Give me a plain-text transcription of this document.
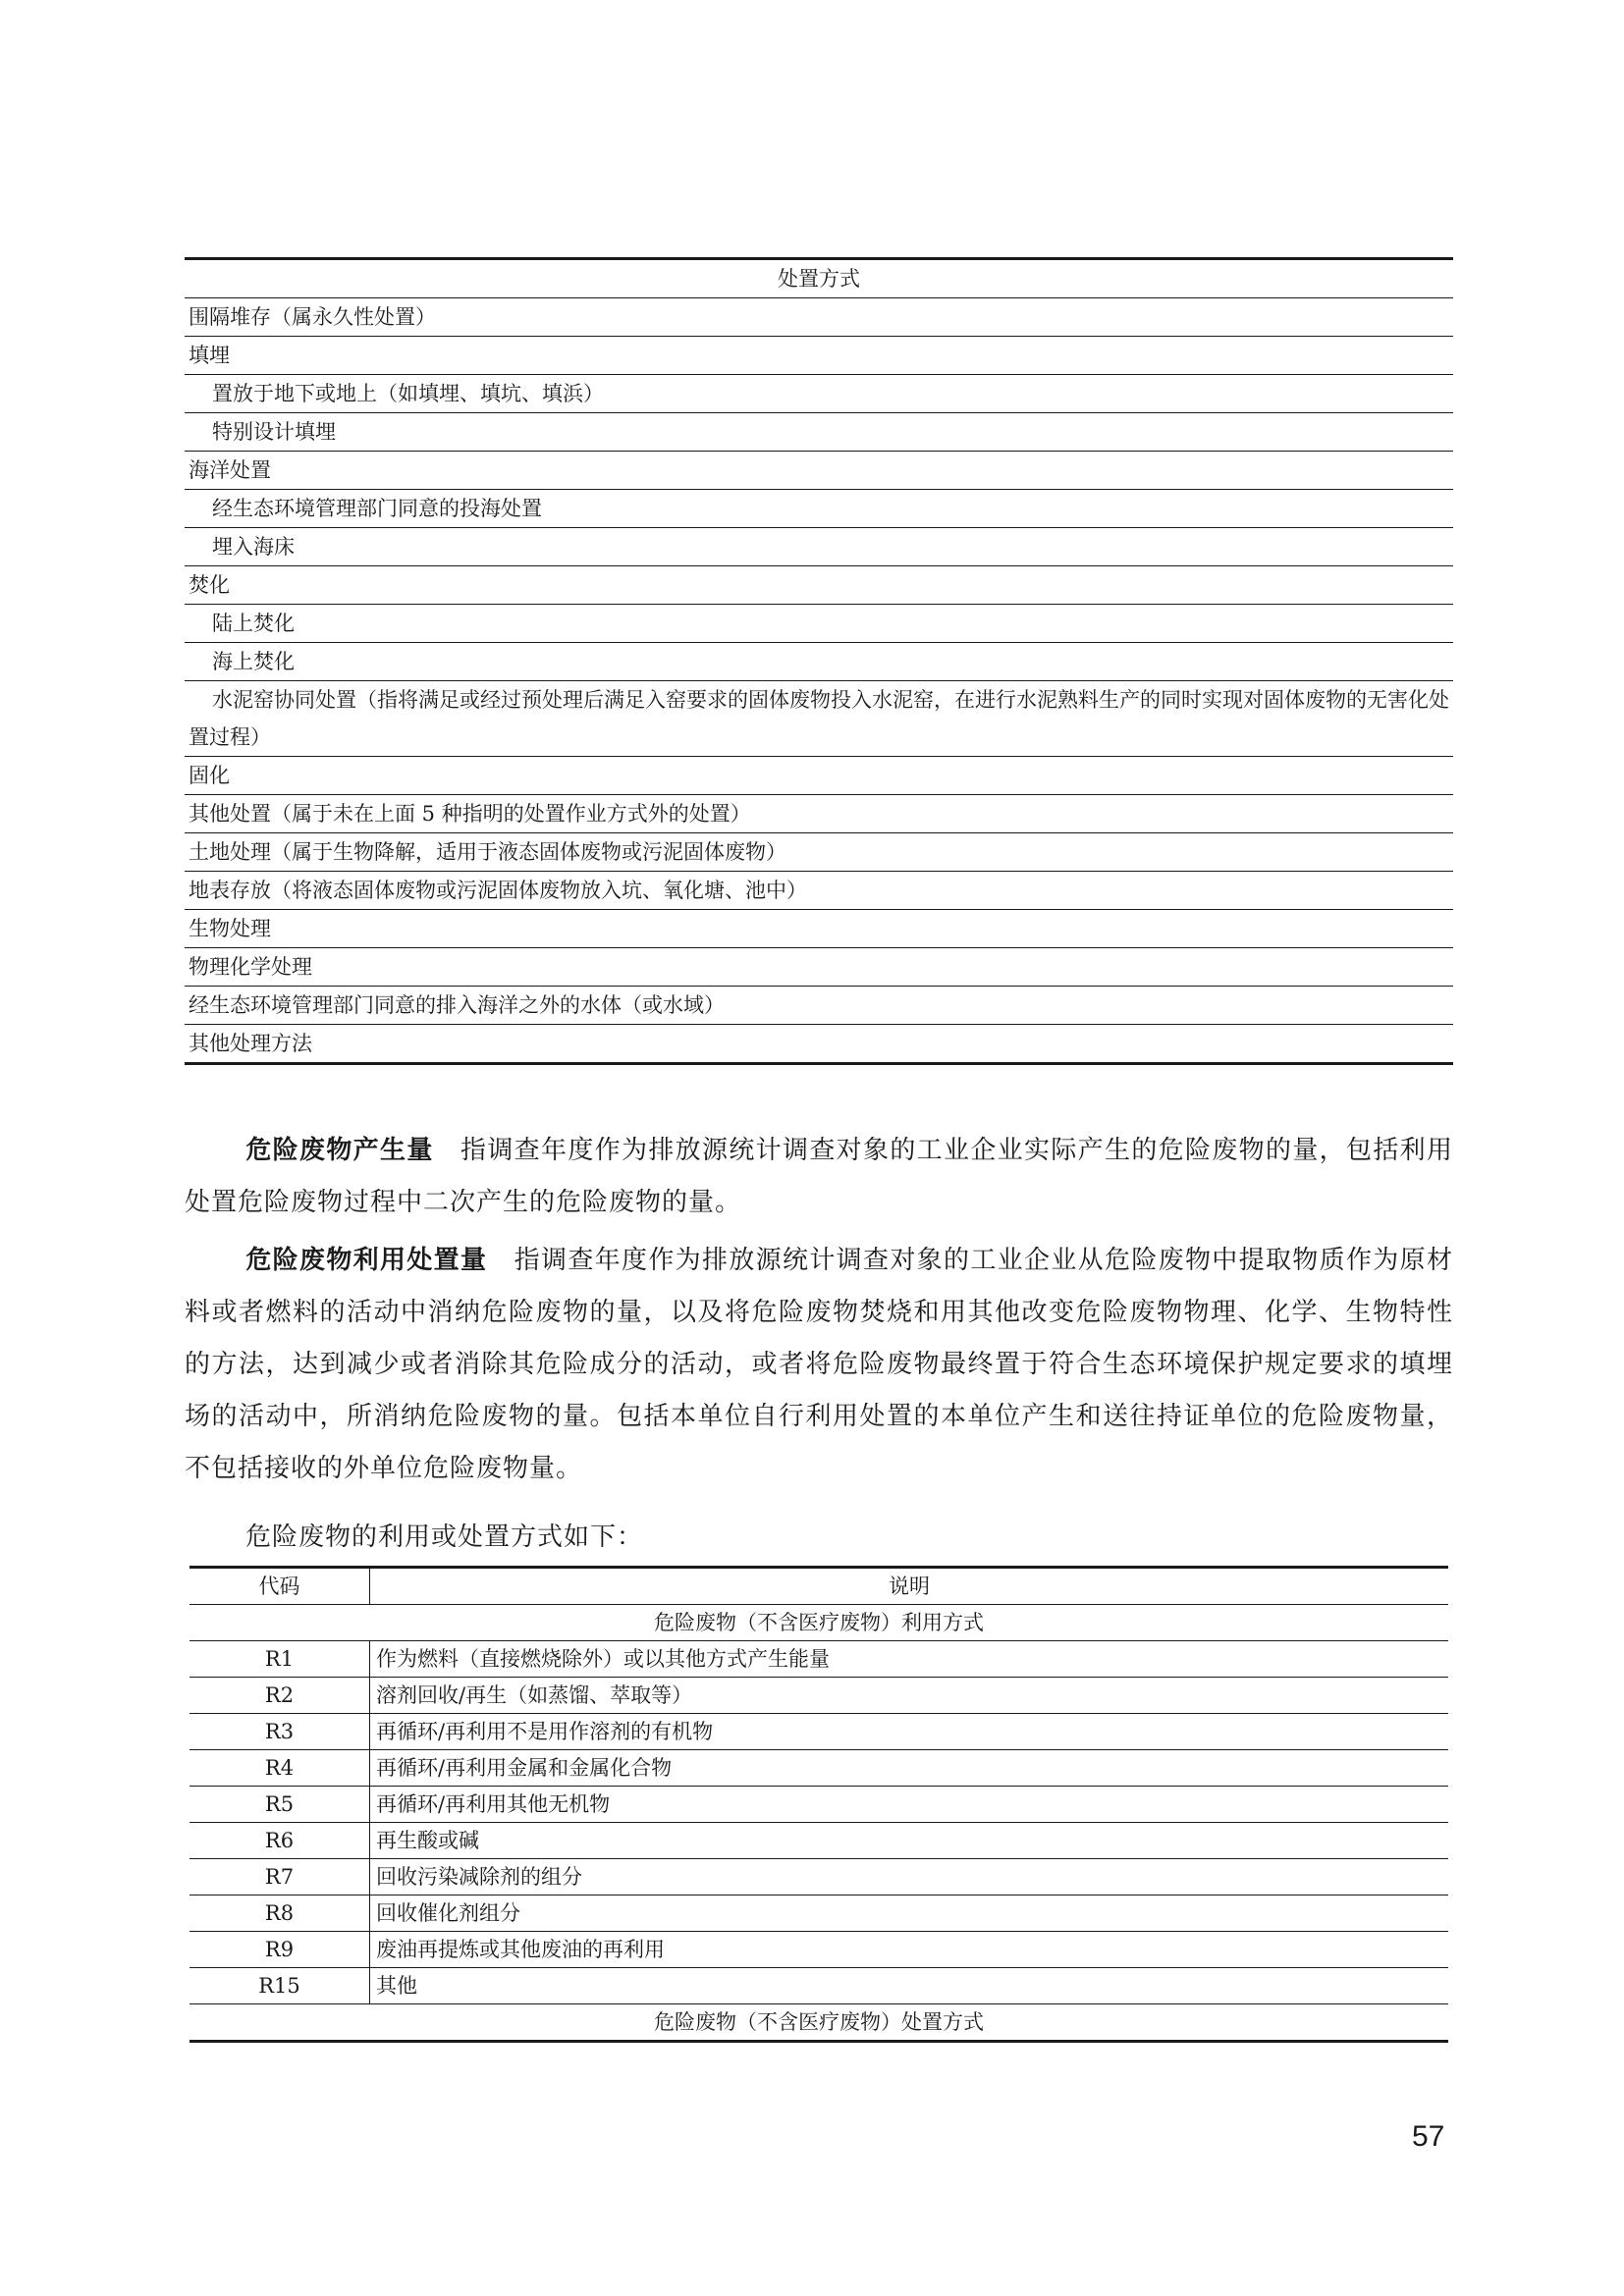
处置方式
围隔堆存（属永久性处置）
填埋
置放于地下或地上（如填埋、填坑、填浜）
特别设计填埋
海洋处置
经生态环境管理部门同意的投海处置
埋入海床
焚化
陆上焚化
海上焚化
水泥窑协同处置（指将满足或经过预处理后满足入窑要求的固体废物投入水泥窑，在进行水泥熟料生产的同时实现对固体废物的无害化处置过程）
固化
其他处置（属于未在上面 5 种指明的处置作业方式外的处置）
土地处理（属于生物降解，适用于液态固体废物或污泥固体废物）
地表存放（将液态固体废物或污泥固体废物放入坑、氧化塘、池中）
生物处理
物理化学处理
经生态环境管理部门同意的排入海洋之外的水体（或水域）
其他处理方法
危险废物产生量　 指调查年度作为排放源统计调查对象的工业企业实际产生的危险废物的量，包括利用处置危险废物过程中二次产生的危险废物的量。
危险废物利用处置量　 指调查年度作为排放源统计调查对象的工业企业从危险废物中提取物质作为原材料或者燃料的活动中消纳危险废物的量，以及将危险废物焚烧和用其他改变危险废物物理、化学、生物特性的方法，达到减少或者消除其危险成分的活动，或者将危险废物最终置于符合生态环境保护规定要求的填埋场的活动中，所消纳危险废物的量。包括本单位自行利用处置的本单位产生和送往持证单位的危险废物量，不包括接收的外单位危险废物量。
危险废物的利用或处置方式如下：
代码	说明
危险废物（不含医疗废物）利用方式	
R1	作为燃料（直接燃烧除外）或以其他方式产生能量
R2	溶剂回收/再生（如蒸馏、萃取等）
R3	再循环/再利用不是用作溶剂的有机物
R4	再循环/再利用金属和金属化合物
R5	再循环/再利用其他无机物
R6	再生酸或碱
R7	回收污染减除剂的组分
R8	回收催化剂组分
R9	废油再提炼或其他废油的再利用
R15	其他
危险废物（不含医疗废物）处置方式	
57
